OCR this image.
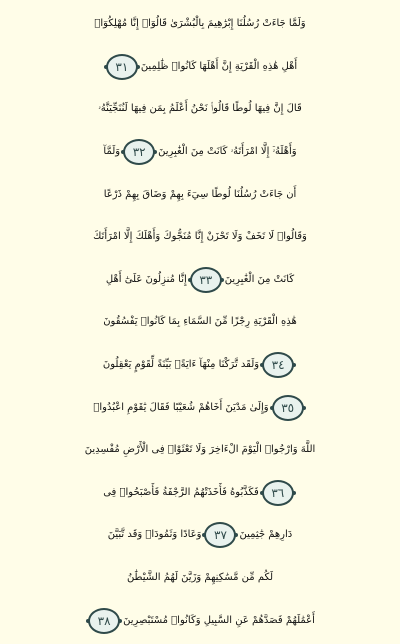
وَلَمَّا جَاءَتْ رُسُلُنَا إِبْرَٰهِيمَ بِالْبُشْرَىٰ قَالُوٓا۟ إِنَّا مُهْلِكُوٓا۟
أَهْلِ هَٰذِهِ الْقَرْيَةِ إِنَّ أَهْلَهَا كَانُوا۟ ظَٰلِمِينَ
٣١
قَالَ إِنَّ فِيهَا لُوطًا قَالُوا۟ نَحْنُ أَعْلَمُ بِمَن فِيهَا لَنُنَجِّيَنَّهُۥ
وَأَهْلَهُۥٓ إِلَّا امْرَأَتَهُۥ كَانَتْ مِنَ الْغَٰبِرِينَ
٣٢
وَلَمَّآ
أَن جَاءَتْ رُسُلُنَا لُوطًا سِيٓءَ بِهِمْ وَضَاقَ بِهِمْ ذَرْعًا
وَقَالُوا۟ لَا تَخَفْ وَلَا تَحْزَنْ إِنَّا مُنَجُّوكَ وَأَهْلَكَ إِلَّا امْرَأَتَكَ
كَانَتْ مِنَ الْغَٰبِرِينَ
٣٣
إِنَّا مُنزِلُونَ عَلَىٰٓ أَهْلِ
هَٰذِهِ الْقَرْيَةِ رِجْزًا مِّنَ السَّمَاءِ بِمَا كَانُوا۟ يَفْسُقُونَ
٣٤
وَلَقَد تَّرَكْنَا مِنْهَآ ءَايَةًۢ بَيِّنَةً لِّقَوْمٍ يَعْقِلُونَ
٣٥
وَإِلَىٰ مَدْيَنَ أَخَاهُمْ شُعَيْبًا فَقَالَ يَٰقَوْمِ اعْبُدُوا۟
اللَّهَ وَارْجُوا۟ الْيَوْمَ الْءَاخِرَ وَلَا تَعْثَوْا۟ فِى الْأَرْضِ مُفْسِدِينَ
٣٦
فَكَذَّبُوهُ فَأَخَذَتْهُمُ الرَّجْفَةُ فَأَصْبَحُوا۟ فِى
دَارِهِمْ جَٰثِمِينَ
٣٧
وَعَادًا وَثَمُودَا۟ وَقَد تَّبَيَّنَ
لَكُم مِّن مَّسَٰكِنِهِمْ وَزَيَّنَ لَهُمُ الشَّيْطَٰنُ
أَعْمَٰلَهُمْ فَصَدَّهُمْ عَنِ السَّبِيلِ وَكَانُوا۟ مُسْتَبْصِرِينَ
٣٨
